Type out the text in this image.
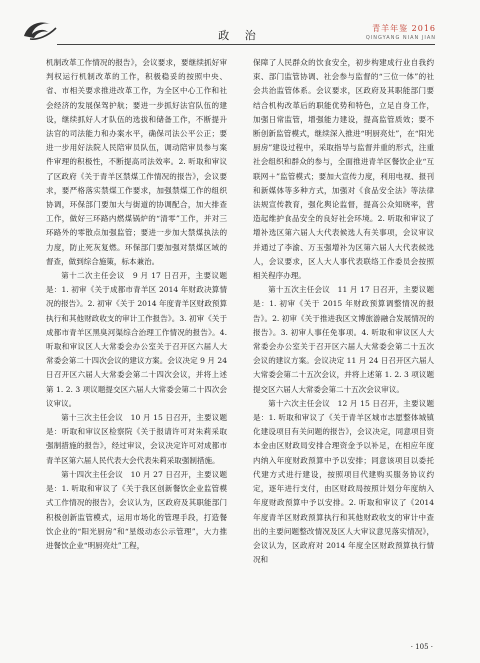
政 治
青羊年鉴 2016
QINGYANG NIAN JIAN

机制改革工作情况的报告》，会议要求，要继续抓好审判权运行机制改革的工作，积极稳妥的按照中央、省、市相关要求推进改革工作，为全区中心工作和社会经济的发展保驾护航；要进一步抓好法官队伍的建设，继续抓好人才队伍的选拔和储备工作，不断提升法官的司法能力和办案水平，确保司法公平公正；要进一步用好法院人民陪审员队伍，调动陪审员参与案件审理的积极性，不断提高司法效率。2. 听取和审议了区政府《关于青羊区禁煤工作情况的报告》，会议要求，要严格落实禁煤工作要求，加强禁煤工作的组织协调，环保部门要加大与街道的协调配合，加大排查工作，做好三环路内燃煤锅炉的“清零”工作，并对三环路外的零散点加强监管；要进一步加大禁煤执法的力度，防止死灰复燃。环保部门要加强对禁煤区域的督查，做到综合施策，标本兼治。

第十二次主任会议　9 月 17 日召开，主要议题是：1. 初审《关于成都市青羊区 2014 年财政决算情况的报告》。2. 初审《关于 2014 年度青羊区财政预算执行和其他财政收支的审计工作报告》。3. 初审《关于成都市青羊区黑臭河渠综合治理工作情况的报告》。4. 听取和审议区人大常委会办公室关于召开区六届人大常委会第二十四次会议的建议方案。会议决定 9 月 24 日召开区六届人大常委会第二十四次会议，并将上述第 1. 2. 3 项议题提交区六届人大常委会第二十四次会议审议。

第十三次主任会议　10 月 15 日召开，主要议题是：听取和审议区检察院《关于报请许可对朱莉采取强制措施的报告》，经过审议，会议决定许可对成都市青羊区第六届人民代表大会代表朱莉采取强制措施。

第十四次主任会议　10 月 27 日召开，主要议题是：1. 听取和审议了《关于我区创新餐饮企业监管模式工作情况的报告》，会议认为，区政府及其职能部门积极创新监管模式，运用市场化的管理手段，打造餐饮企业的“阳光厨房”和“星级动态公示管理”，大力推进餐饮企业“明厨亮灶”工程，

保障了人民群众的饮食安全，初步构建成行业自我约束、部门监管协调、社会参与监督的“三位一体”的社会共治监管体系。会议要求，区政府及其职能部门要结合机构改革后的职能优势和特色，立足自身工作，加强日常监管，增强能力建设，提高监管质效；要不断创新监管模式，继续深入推进“明厨亮灶”，在“阳光厨房”建设过程中，采取指导与监督并重的形式，注重社会组织和群众的参与，全面推进青羊区餐饮企业“互联网＋”监管模式；要加大宣传力度，利用电视、报刊和新媒体等多种方式，加强对《食品安全法》等法律法规宣传教育，强化舆论监督，提高公众知晓率，营造起维护食品安全的良好社会环境。2. 听取和审议了增补选区第六届人大代表候选人有关事项，会议审议并通过了李渝、万玉强增补为区第六届人大代表候选人，会议要求，区人大人事代表联络工作委员会按照相关程序办理。

第十五次主任会议　11 月 17 日召开，主要议题是：1. 初审《关于 2015 年财政预算调整情况的报告》。2. 初审《关于推进我区文博旅游融合发展情况的报告》。3. 初审人事任免事项。4. 听取和审议区人大常委会办公室关于召开区六届人大常委会第二十五次会议的建议方案。会议决定 11 月 24 日召开区六届人大常委会第二十五次会议，并将上述第 1. 2. 3 项议题提交区六届人大常委会第二十五次会议审议。

第十六次主任会议　12 月 15 日召开，主要议题是：1. 听取和审议了《关于青羊区城市志愿整体城镇化建设项目有关问题的报告》，会议决定，同意项目资本金由区财政局安排合理资金予以补足，在相应年度内纳入年度财政预算中予以安排；同意该项目以委托代建方式进行建设，按照项目代建购买服务协议约定，逐年进行支付，由区财政局按照计划分年度纳入年度财政预算中予以安排。2. 听取和审议了《2014 年度青羊区财政预算执行和其他财政收支的审计中查出的主要问题整改情况及区人大审议意见落实情况》，会议认为，区政府对 2014 年度全区财政预算执行情况和

· 105 ·
